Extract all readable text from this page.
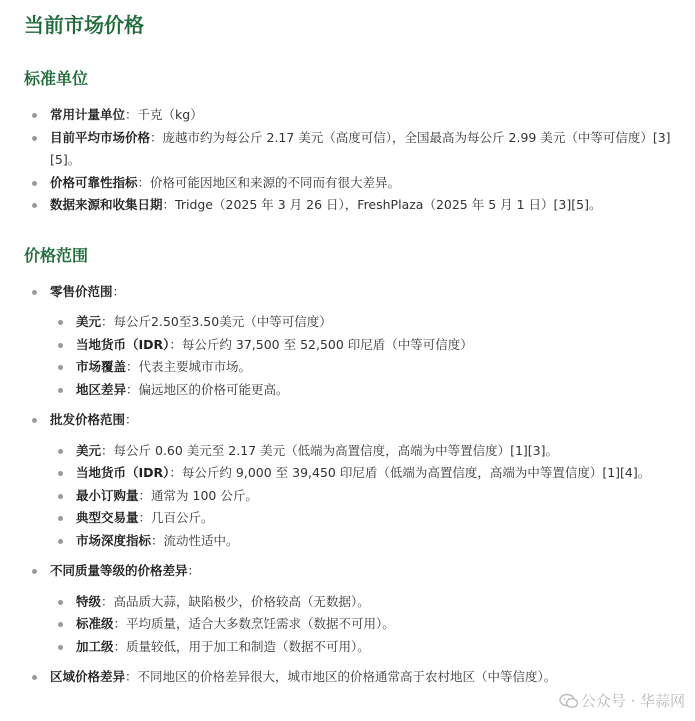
当前市场价格
标准单位
常用计量单位：千克（kg）
目前平均市场价格：庞越市约为每公斤 2.17 美元（高度可信），全国最高为每公斤 2.99 美元（中等可信度）[3][5]。
价格可靠性指标：价格可能因地区和来源的不同而有很大差异。
数据来源和收集日期：Tridge（2025 年 3 月 26 日），FreshPlaza（2025 年 5 月 1 日）[3][5]。
价格范围
零售价范围：
美元：每公斤2.50至3.50美元（中等可信度）
当地货币（IDR）：每公斤约 37,500 至 52,500 印尼盾（中等可信度）
市场覆盖：代表主要城市市场。
地区差异：偏远地区的价格可能更高。
批发价格范围：
美元：每公斤 0.60 美元至 2.17 美元（低端为高置信度，高端为中等置信度）[1][3]。
当地货币（IDR）：每公斤约 9,000 至 39,450 印尼盾（低端为高置信度，高端为中等置信度）[1][4]。
最小订购量：通常为 100 公斤。
典型交易量：几百公斤。
市场深度指标：流动性适中。
不同质量等级的价格差异：
特级：高品质大蒜，缺陷极少，价格较高（无数据）。
标准级：平均质量，适合大多数烹饪需求（数据不可用）。
加工级：质量较低，用于加工和制造（数据不可用）。
区域价格差异：不同地区的价格差异很大，城市地区的价格通常高于农村地区（中等信度）。
公众号 · 华蒜网
